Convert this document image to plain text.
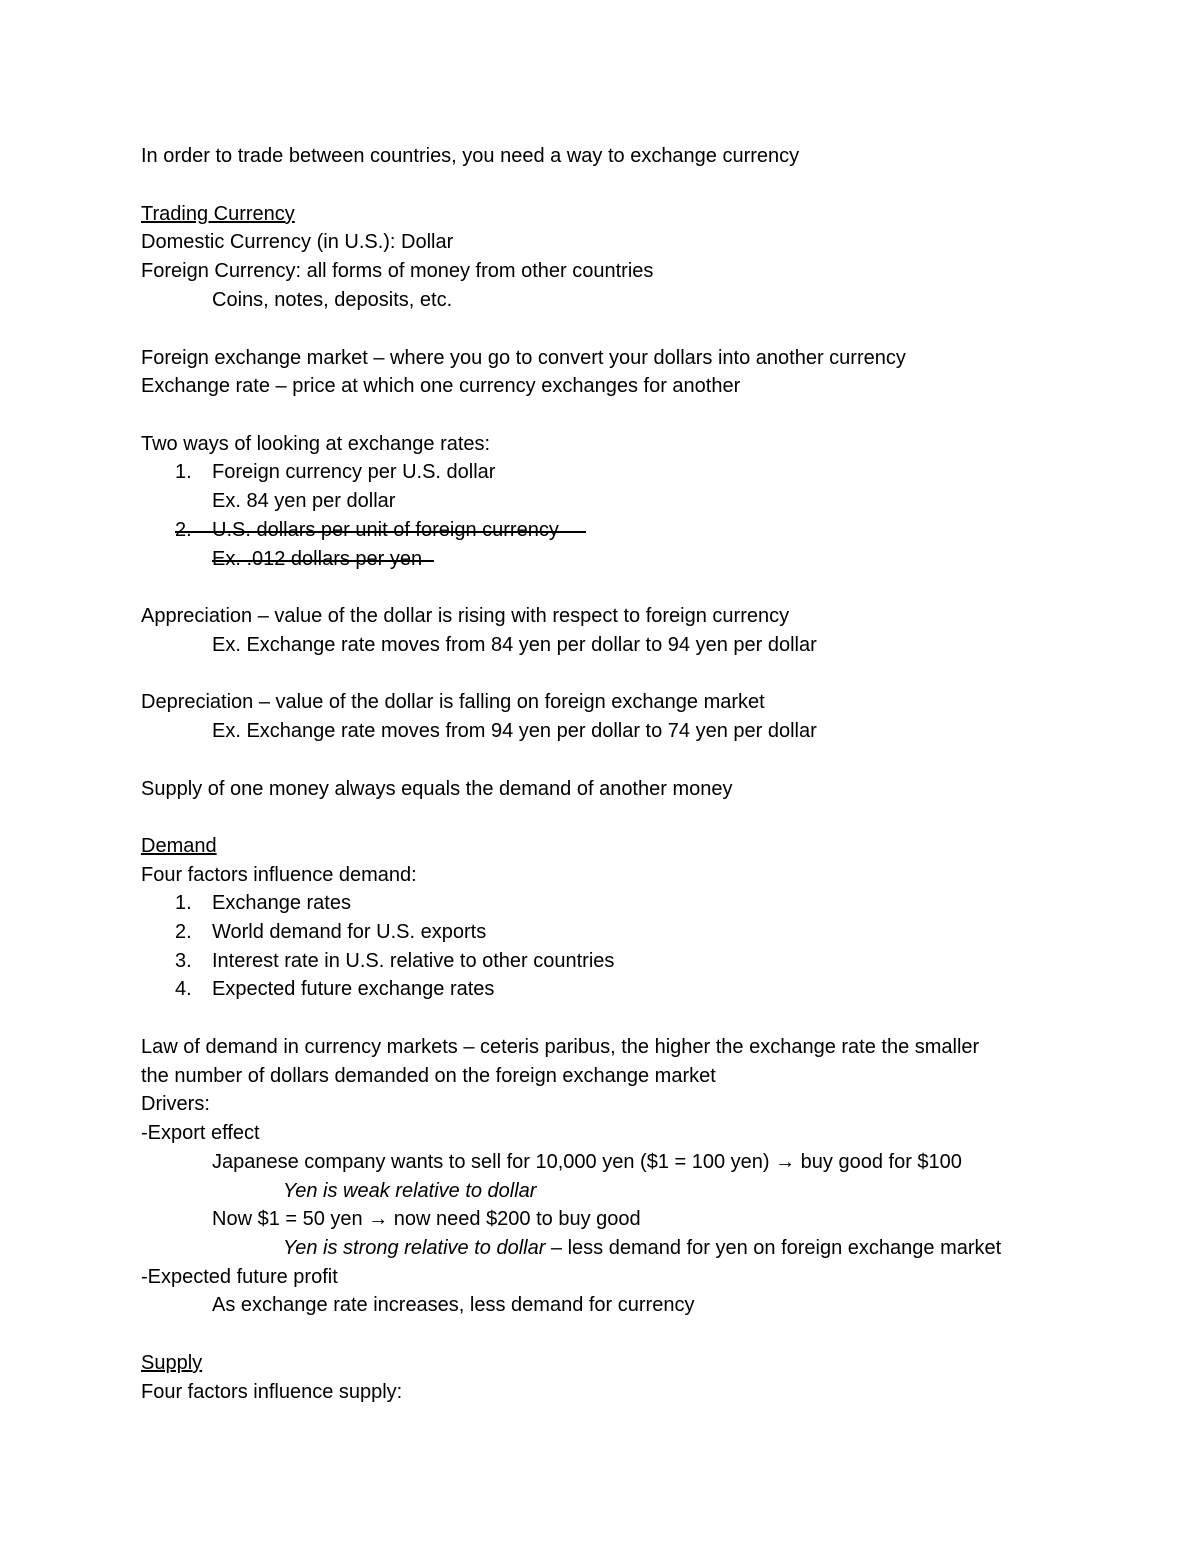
In order to trade between countries, you need a way to exchange currency
Trading Currency
Domestic Currency (in U.S.): Dollar
Foreign Currency: all forms of money from other countries
Coins, notes, deposits, etc.
Foreign exchange market – where you go to convert your dollars into another currency
Exchange rate – price at which one currency exchanges for another
Two ways of looking at exchange rates:
1. Foreign currency per U.S. dollar
Ex. 84 yen per dollar
2. U.S. dollars per unit of foreign currency
Ex. .012 dollars per yen
Appreciation – value of the dollar is rising with respect to foreign currency
Ex. Exchange rate moves from 84 yen per dollar to 94 yen per dollar
Depreciation – value of the dollar is falling on foreign exchange market
Ex. Exchange rate moves from 94 yen per dollar to 74 yen per dollar
Supply of one money always equals the demand of another money
Demand
Four factors influence demand:
1. Exchange rates
2. World demand for U.S. exports
3. Interest rate in U.S. relative to other countries
4. Expected future exchange rates
Law of demand in currency markets – ceteris paribus, the higher the exchange rate the smaller
the number of dollars demanded on the foreign exchange market
Drivers:
-Export effect
Japanese company wants to sell for 10,000 yen ($1 = 100 yen) → buy good for $100
Yen is weak relative to dollar
Now $1 = 50 yen → now need $200 to buy good
Yen is strong relative to dollar – less demand for yen on foreign exchange market
-Expected future profit
As exchange rate increases, less demand for currency
Supply
Four factors influence supply:
